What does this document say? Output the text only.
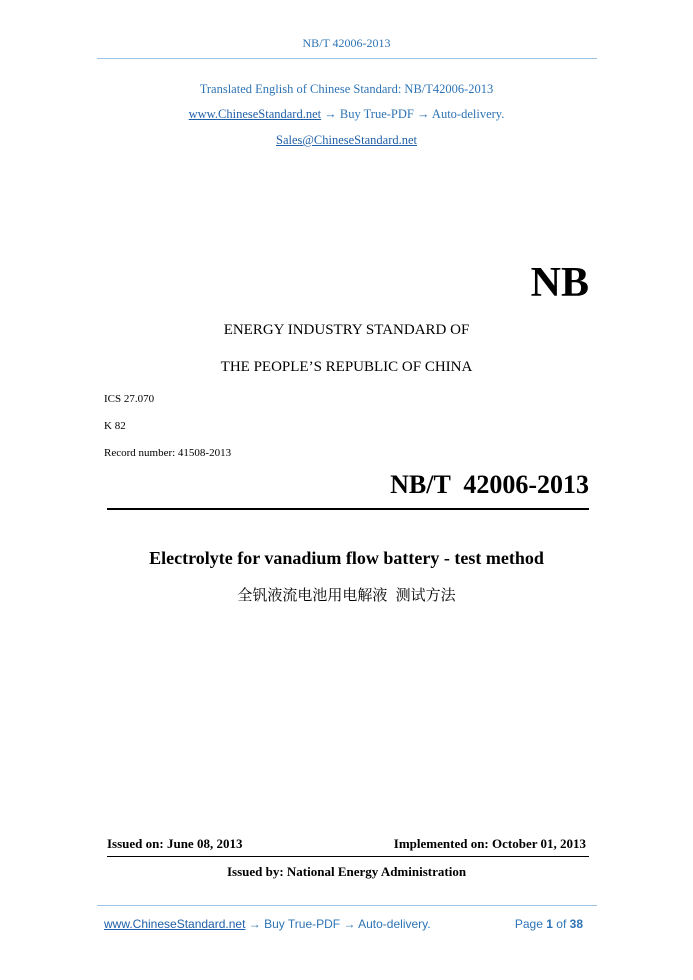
NB/T 42006-2013
Translated English of Chinese Standard: NB/T42006-2013
www.ChineseStandard.net → Buy True-PDF → Auto-delivery.
Sales@ChineseStandard.net
NB
ENERGY INDUSTRY STANDARD OF
THE PEOPLE’S REPUBLIC OF CHINA
ICS 27.070
K 82
Record number: 41508-2013
NB/T  42006-2013
Electrolyte for vanadium flow battery - test method
全钒液流电池用电解液  测试方法
Issued on: June 08, 2013	Implemented on: October 01, 2013
Issued by: National Energy Administration
www.ChineseStandard.net → Buy True-PDF → Auto-delivery.	Page 1 of 38
